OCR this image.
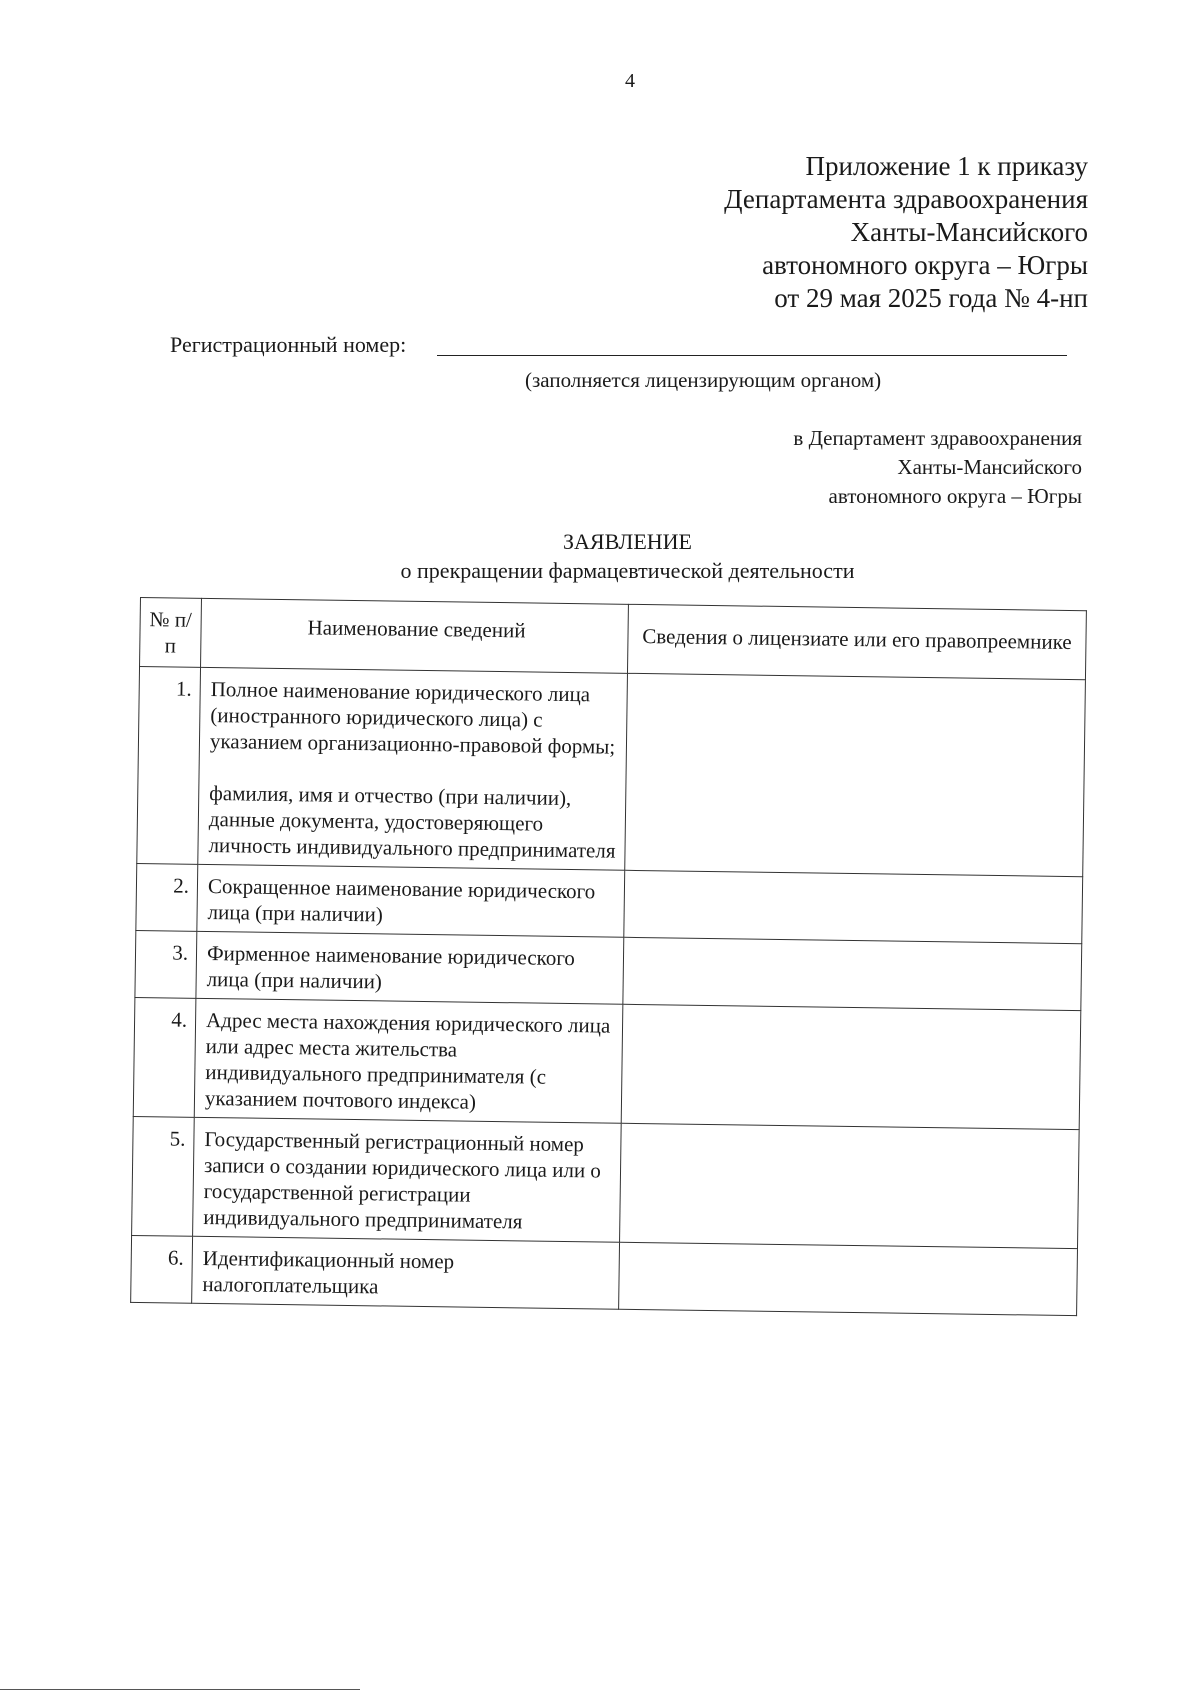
4
Приложение 1 к приказу
Департамента здравоохранения
Ханты-Мансийского
автономного округа – Югры
от 29 мая 2025 года № 4-нп
Регистрационный номер:
(заполняется лицензирующим органом)
в Департамент здравоохранения
Ханты-Мансийского
автономного округа – Югры
ЗАЯВЛЕНИЕ
о прекращении фармацевтической деятельности
№ п/п	Наименование сведений	Сведения о лицензиате или его правопреемнике
1.	Полное наименование юридического лица (иностранного юридического лица) с указанием организационно-правовой формы;
фамилия, имя и отчество (при наличии), данные документа, удостоверяющего личность индивидуального предпринимателя	

2.	Сокращенное наименование юридического лица (при наличии)	

3.	Фирменное наименование юридического лица (при наличии)	

4.	Адрес места нахождения юридического лица или адрес места жительства индивидуального предпринимателя (с указанием почтового индекса)	

5.	Государственный регистрационный номер записи о создании юридического лица или о государственной регистрации индивидуального предпринимателя	

6.	Идентификационный номер налогоплательщика	
